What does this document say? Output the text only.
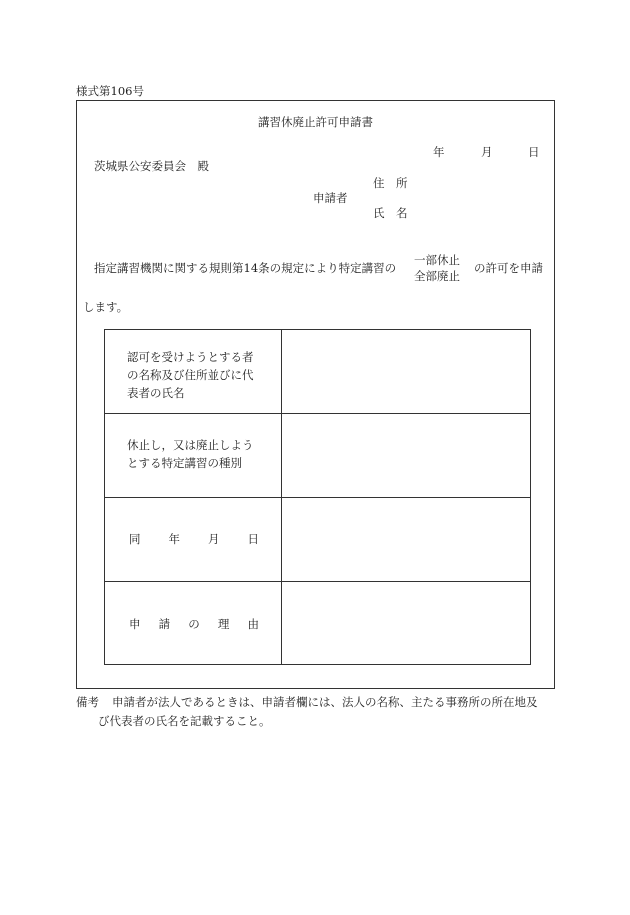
様式第106号
講習休廃止許可申請書
年	月	日
茨城県公安委員会　殿
住　所
申請者
氏　名
指定講習機関に関する規則第14条の規定により特定講習の
一部休止
全部廃止
の許可を申請
します。
認可を受けようとする者
の名称及び住所並びに代
表者の氏名
休止し，又は廃止しよう
とする特定講習の種別
同 年 月 日
申 請 の 理 由
備考 申請者が法人であるときは、申請者欄には、法人の名称、主たる事務所の所在地及
び代表者の氏名を記載すること。
